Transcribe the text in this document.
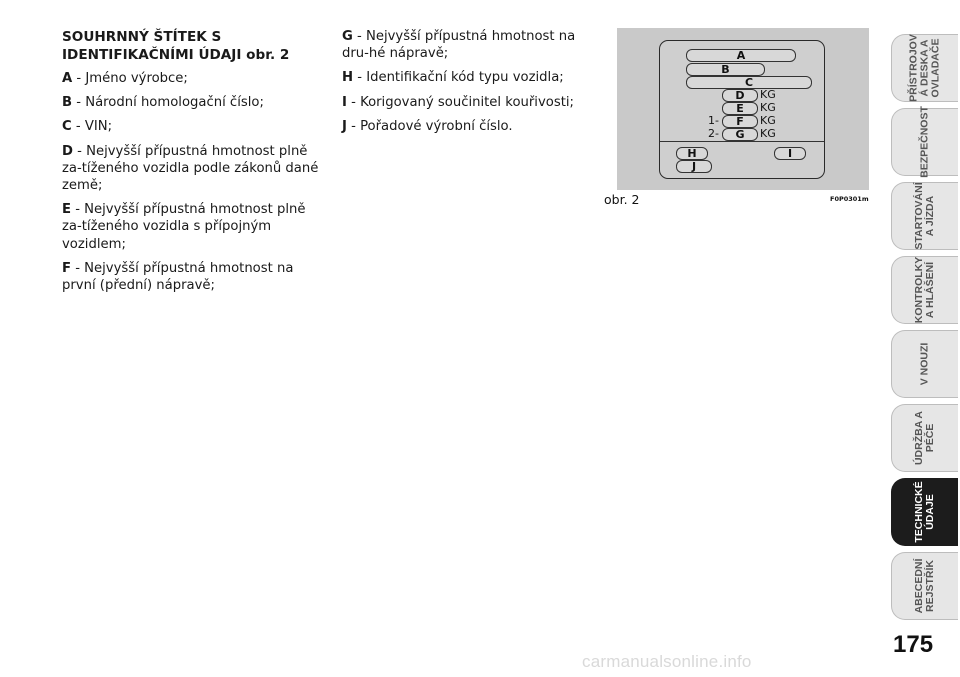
SOUHRNNÝ ŠTÍTEK S
IDENTIFIKAČNÍMI ÚDAJI obr. 2
A - Jméno výrobce;
B - Národní homologační číslo;
C - VIN;
D - Nejvyšší přípustná hmotnost plně za-tíženého vozidla podle zákonů dané země;
E - Nejvyšší přípustná hmotnost plně za-tíženého vozidla s přípojným vozidlem;
F - Nejvyšší přípustná hmotnost na první (přední) nápravě;
G - Nejvyšší přípustná hmotnost na dru-hé nápravě;
H - Identifikační kód typu vozidla;
I - Korigovaný součinitel kouřivosti;
J - Pořadové výrobní číslo.
A
B
C
D	KG
E	KG
1-	F	KG
2-	G	KG
H	I
J
obr. 2	F0P0301m
PŘÍSTROJOV
Á DESKA A
OVLADAČE
BEZPEČNOST
STARTOVÁNÍ
A JÍZDA
KONTROLKY
A HLÁŠENÍ
V NOUZI
ÚDRŽBA A
PÉČE
TECHNICKÉ
ÚDAJE
ABECEDNÍ
REJSTŘÍK
175
carmanualsonline.info
